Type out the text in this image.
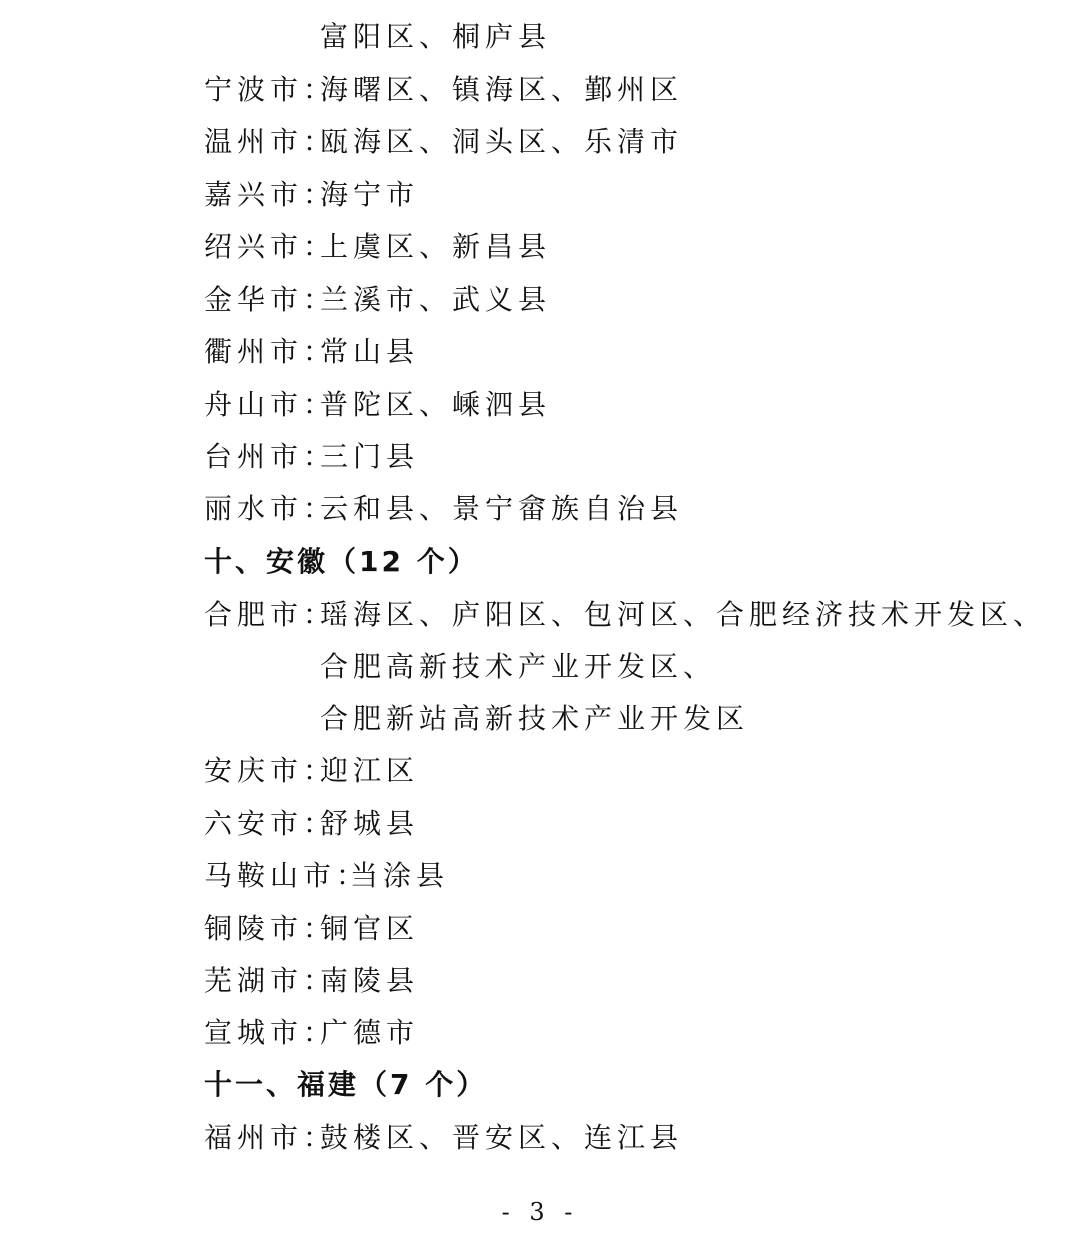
富阳区、桐庐县
宁波市：
海曙区、镇海区、鄞州区
温州市：
瓯海区、洞头区、乐清市
嘉兴市：
海宁市
绍兴市：
上虞区、新昌县
金华市：
兰溪市、武义县
衢州市：
常山县
舟山市：
普陀区、嵊泗县
台州市：
三门县
丽水市：
云和县、景宁畲族自治县
十、安徽（12 个）
合肥市：
瑶海区、庐阳区、包河区、合肥经济技术开发区、
合肥高新技术产业开发区、
合肥新站高新技术产业开发区
安庆市：
迎江区
六安市：
舒城县
马鞍山市：
当涂县
铜陵市：
铜官区
芜湖市：
南陵县
宣城市：
广德市
十一、福建（7 个）
福州市：
鼓楼区、晋安区、连江县
- 3 -
